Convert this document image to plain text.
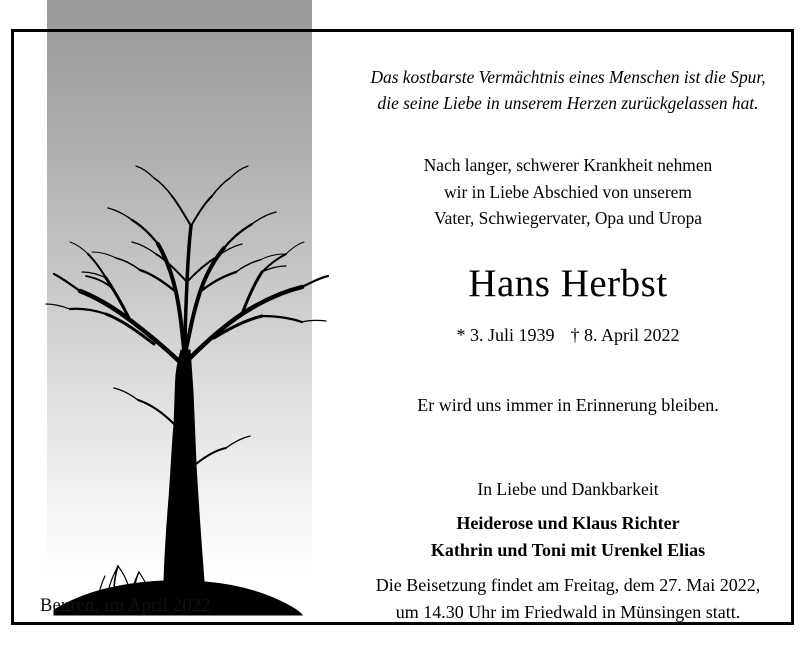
Beuren, im April 2022
Das kostbarste Vermächtnis eines Menschen ist die Spur,
die seine Liebe in unserem Herzen zurückgelassen hat.
Nach langer, schwerer Krankheit nehmen
wir in Liebe Abschied von unserem
Vater, Schwiegervater, Opa und Uropa
Hans Herbst
* 3. Juli 1939 † 8. April 2022
Er wird uns immer in Erinnerung bleiben.
In Liebe und Dankbarkeit
Heiderose und Klaus Richter
Kathrin und Toni mit Urenkel Elias
Die Beisetzung findet am Freitag, dem 27. Mai 2022,
um 14.30 Uhr im Friedwald in Münsingen statt.
